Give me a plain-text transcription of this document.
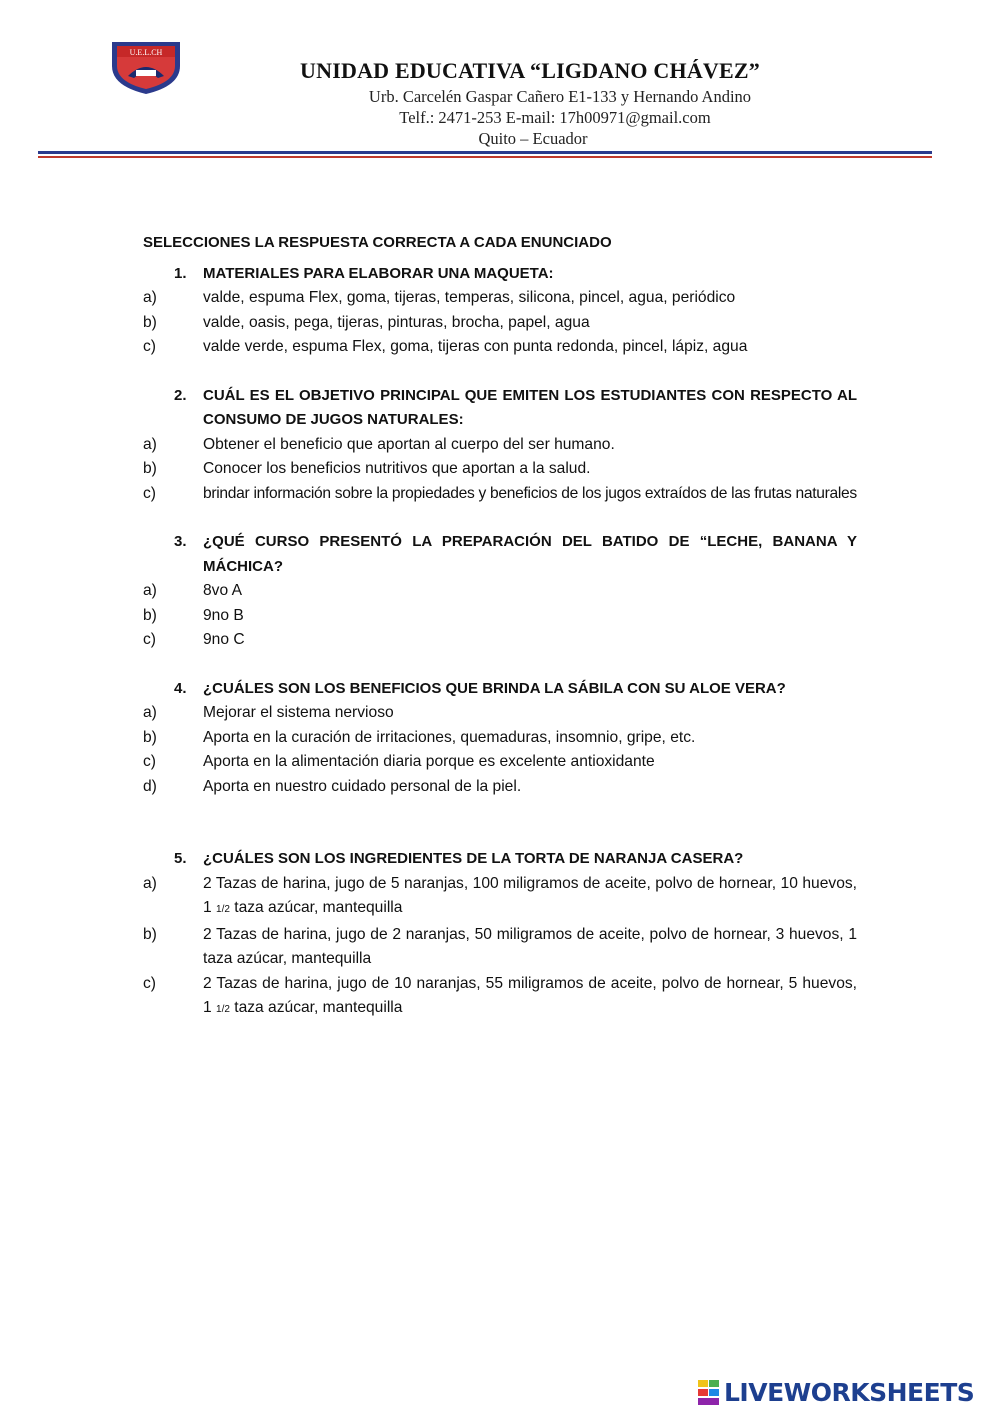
U.E.L.CH
UNIDAD EDUCATIVA “LIGDANO CHÁVEZ”
Urb. Carcelén Gaspar Cañero E1-133 y Hernando Andino
Telf.: 2471-253 E-mail: 17h00971@gmail.com
Quito – Ecuador
SELECCIONES LA RESPUESTA CORRECTA A CADA ENUNCIADO
1.	MATERIALES PARA ELABORAR UNA MAQUETA:
a)	valde, espuma Flex, goma, tijeras, temperas, silicona, pincel, agua, periódico
b)	valde, oasis, pega, tijeras, pinturas, brocha, papel, agua
c)	valde verde, espuma Flex, goma, tijeras con punta redonda, pincel, lápiz, agua
2.	CUÁL ES EL OBJETIVO PRINCIPAL QUE EMITEN LOS ESTUDIANTES CON RESPECTO AL CONSUMO DE JUGOS NATURALES:
a)	Obtener el beneficio que aportan al cuerpo del ser humano.
b)	Conocer los beneficios nutritivos que aportan a la salud.
c)	brindar información sobre la propiedades y beneficios de los jugos extraídos de las frutas naturales
3.	¿QUÉ CURSO PRESENTÓ LA PREPARACIÓN DEL BATIDO DE “LECHE, BANANA Y MÁCHICA?
a)	8vo A
b)	9no B
c)	9no C
4.	¿CUÁLES SON LOS BENEFICIOS QUE BRINDA LA SÁBILA CON SU ALOE VERA?
a)	Mejorar el sistema nervioso
b)	Aporta en la curación de irritaciones, quemaduras, insomnio, gripe, etc.
c)	Aporta en la alimentación diaria porque es excelente antioxidante
d)	Aporta en nuestro cuidado personal de la piel.
5.	¿CUÁLES SON LOS INGREDIENTES DE LA TORTA DE NARANJA CASERA?
a)	2 Tazas de harina, jugo de 5 naranjas, 100 miligramos de aceite, polvo de hornear, 10 huevos, 1 1/2 taza azúcar, mantequilla
b)	2 Tazas de harina, jugo de 2 naranjas, 50 miligramos de aceite, polvo de hornear, 3 huevos, 1 taza azúcar, mantequilla
c)	2 Tazas de harina, jugo de 10 naranjas, 55 miligramos de aceite, polvo de hornear, 5 huevos, 1 1/2 taza azúcar, mantequilla
LIVEWORKSHEETS
